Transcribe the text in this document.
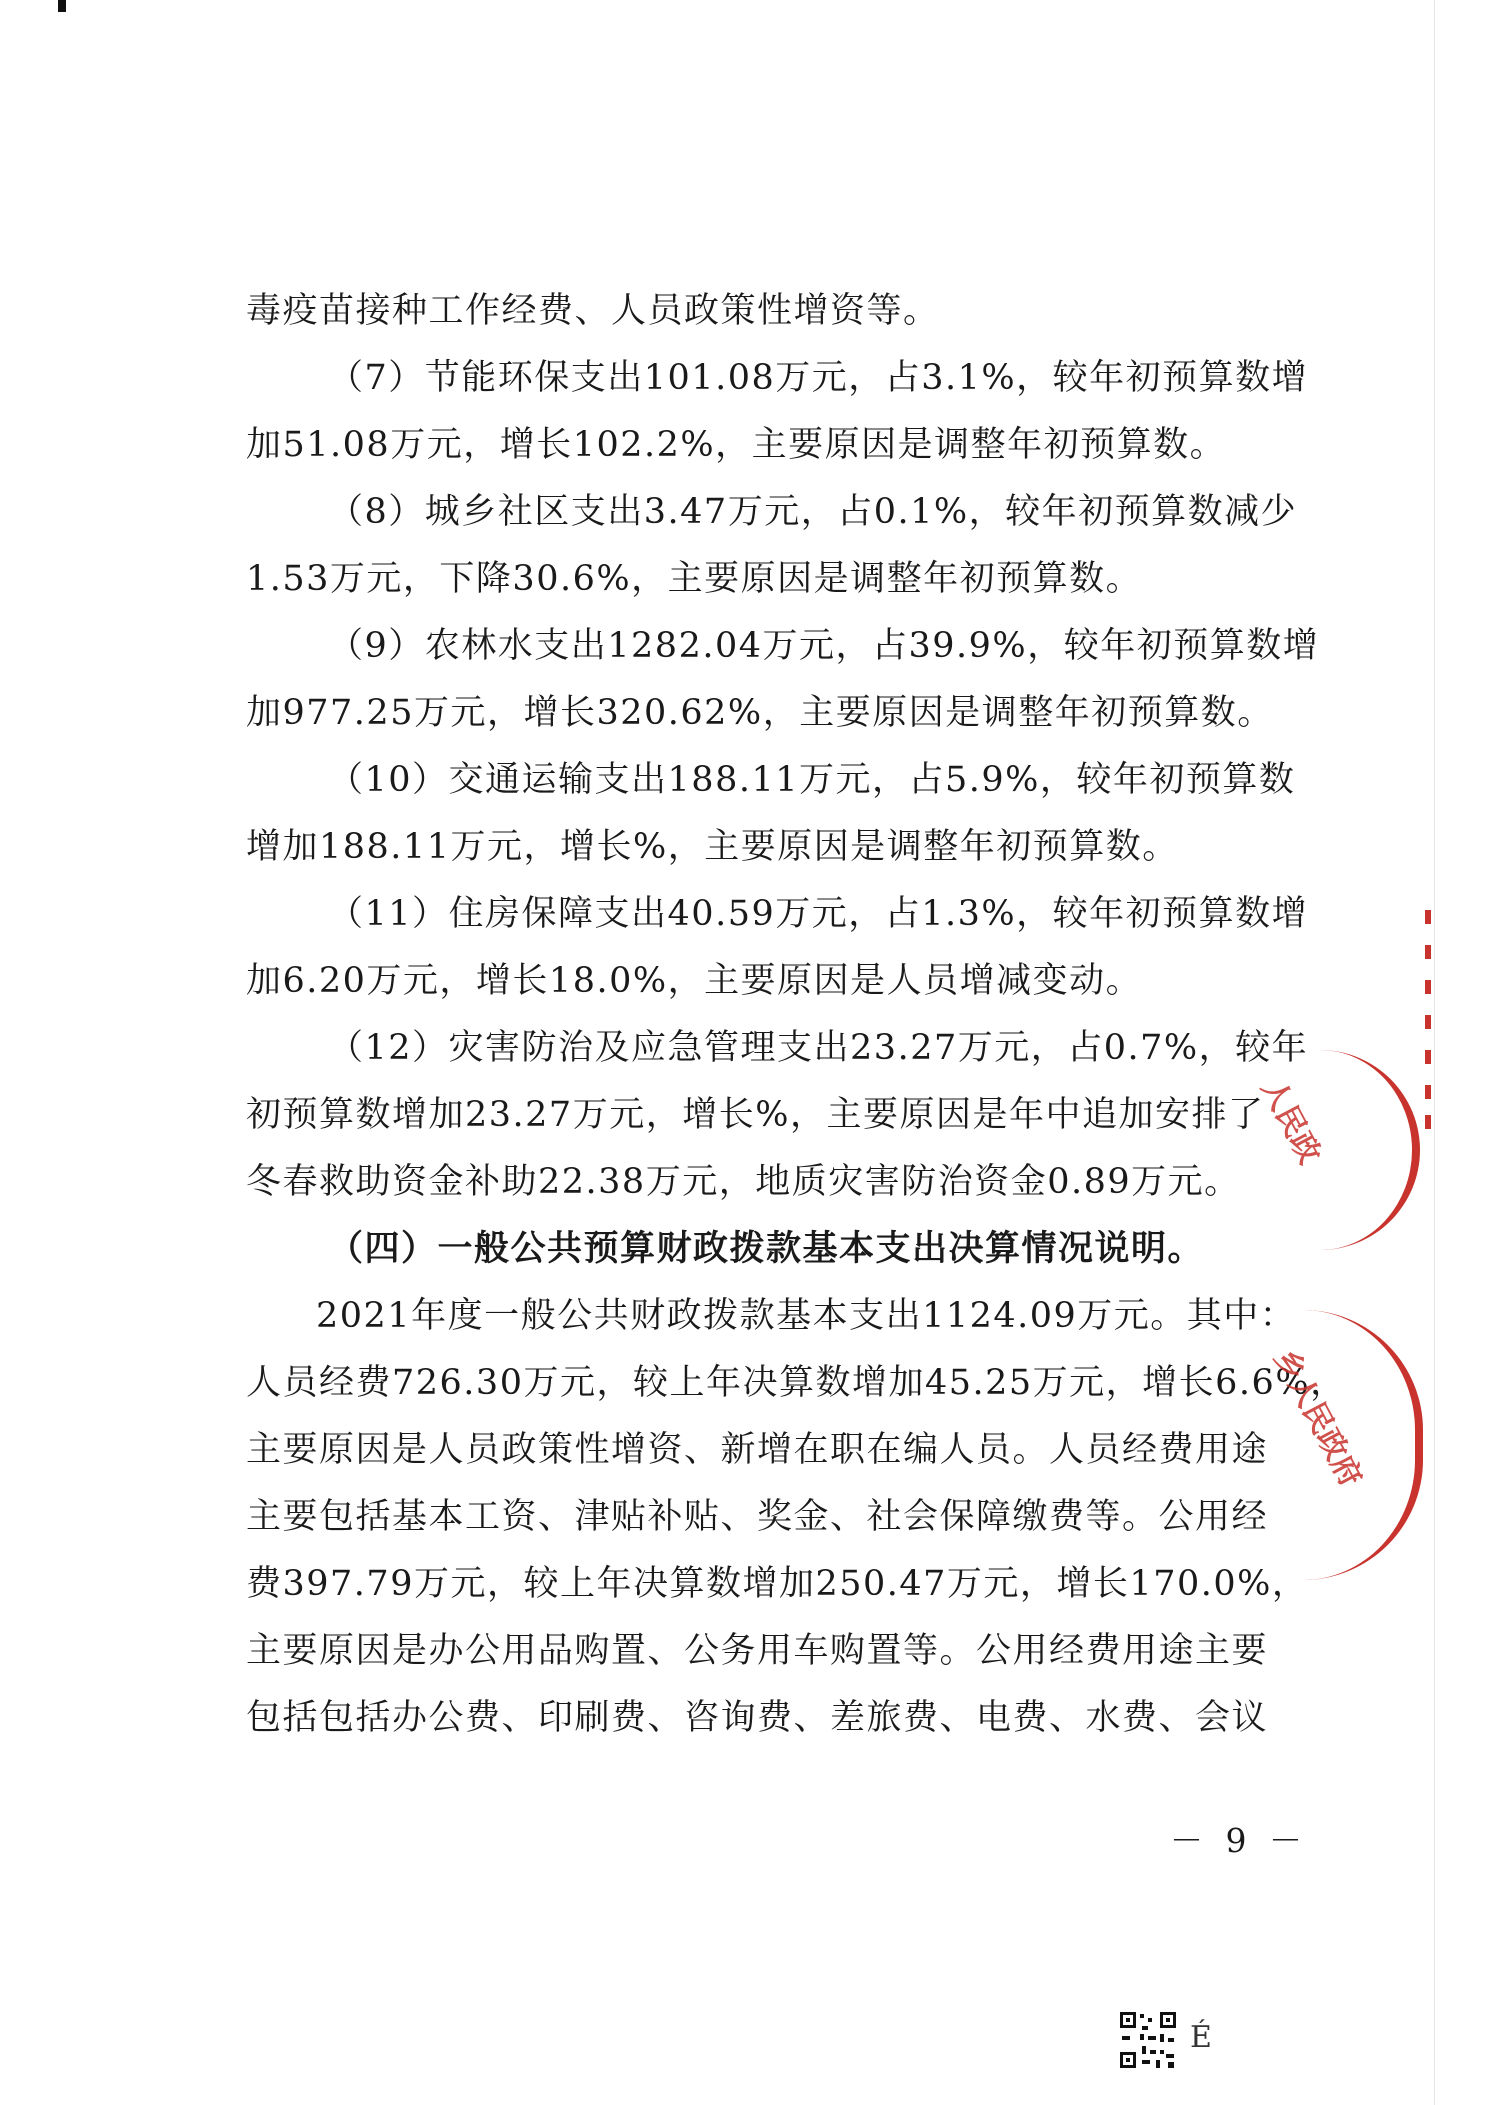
毒疫苗接种工作经费、人员政策性增资等。
（7）节能环保支出101.08万元，占3.1%，较年初预算数增
加51.08万元，增长102.2%，主要原因是调整年初预算数。
（8）城乡社区支出3.47万元，占0.1%，较年初预算数减少
1.53万元，下降30.6%，主要原因是调整年初预算数。
（9）农林水支出1282.04万元，占39.9%，较年初预算数增
加977.25万元，增长320.62%，主要原因是调整年初预算数。
（10）交通运输支出188.11万元，占5.9%，较年初预算数
增加188.11万元，增长%，主要原因是调整年初预算数。
（11）住房保障支出40.59万元，占1.3%，较年初预算数增
加6.20万元，增长18.0%，主要原因是人员增减变动。
（12）灾害防治及应急管理支出23.27万元，占0.7%，较年
初预算数增加23.27万元，增长%，主要原因是年中追加安排了
冬春救助资金补助22.38万元，地质灾害防治资金0.89万元。
（四）一般公共预算财政拨款基本支出决算情况说明。
2021年度一般公共财政拨款基本支出1124.09万元。其中：
人员经费726.30万元，较上年决算数增加45.25万元，增长6.6%，
主要原因是人员政策性增资、新增在职在编人员。人员经费用途
主要包括基本工资、津贴补贴、奖金、社会保障缴费等。公用经
费397.79万元，较上年决算数增加250.47万元，增长170.0%，
主要原因是办公用品购置、公务用车购置等。公用经费用途主要
包括包括办公费、印刷费、咨询费、差旅费、电费、水费、会议
－ 9 －
人民政
乡人民政府
É
